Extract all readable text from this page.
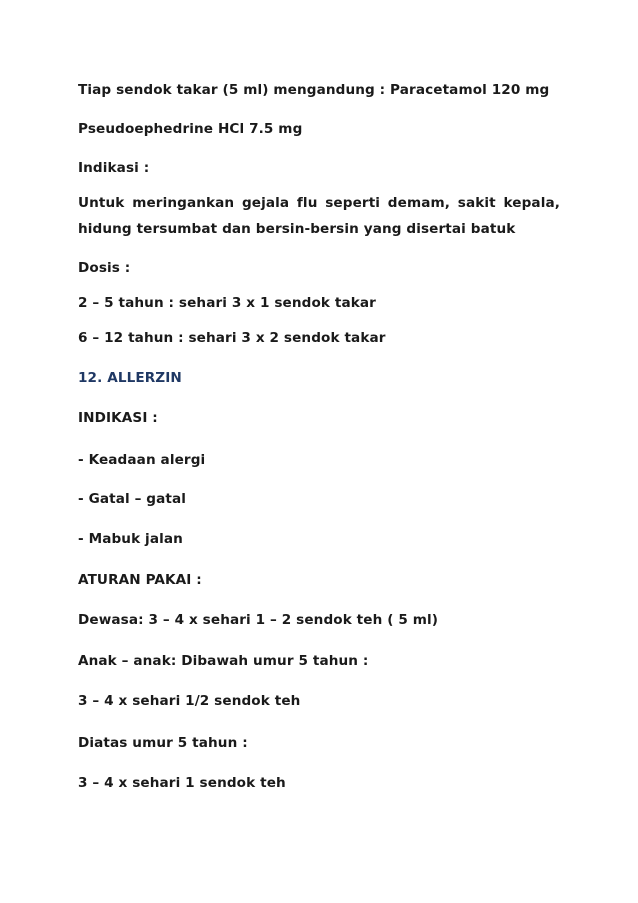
Tiap sendok takar (5 ml) mengandung : Paracetamol 120 mg

Pseudoephedrine HCl 7.5 mg

Indikasi :

Untuk meringankan gejala flu seperti demam, sakit kepala,

hidung tersumbat dan bersin-bersin yang disertai batuk

Dosis :

2 – 5 tahun : sehari 3 x 1 sendok takar

6 – 12 tahun : sehari 3 x 2 sendok takar

12. ALLERZIN

INDIKASI :

- Keadaan alergi

- Gatal – gatal

- Mabuk jalan

ATURAN PAKAI :

Dewasa: 3 – 4 x sehari 1 – 2 sendok teh ( 5 ml)

Anak – anak: Dibawah umur 5 tahun :

3 – 4 x sehari 1/2 sendok teh

Diatas umur 5 tahun :

3 – 4 x sehari 1 sendok teh
